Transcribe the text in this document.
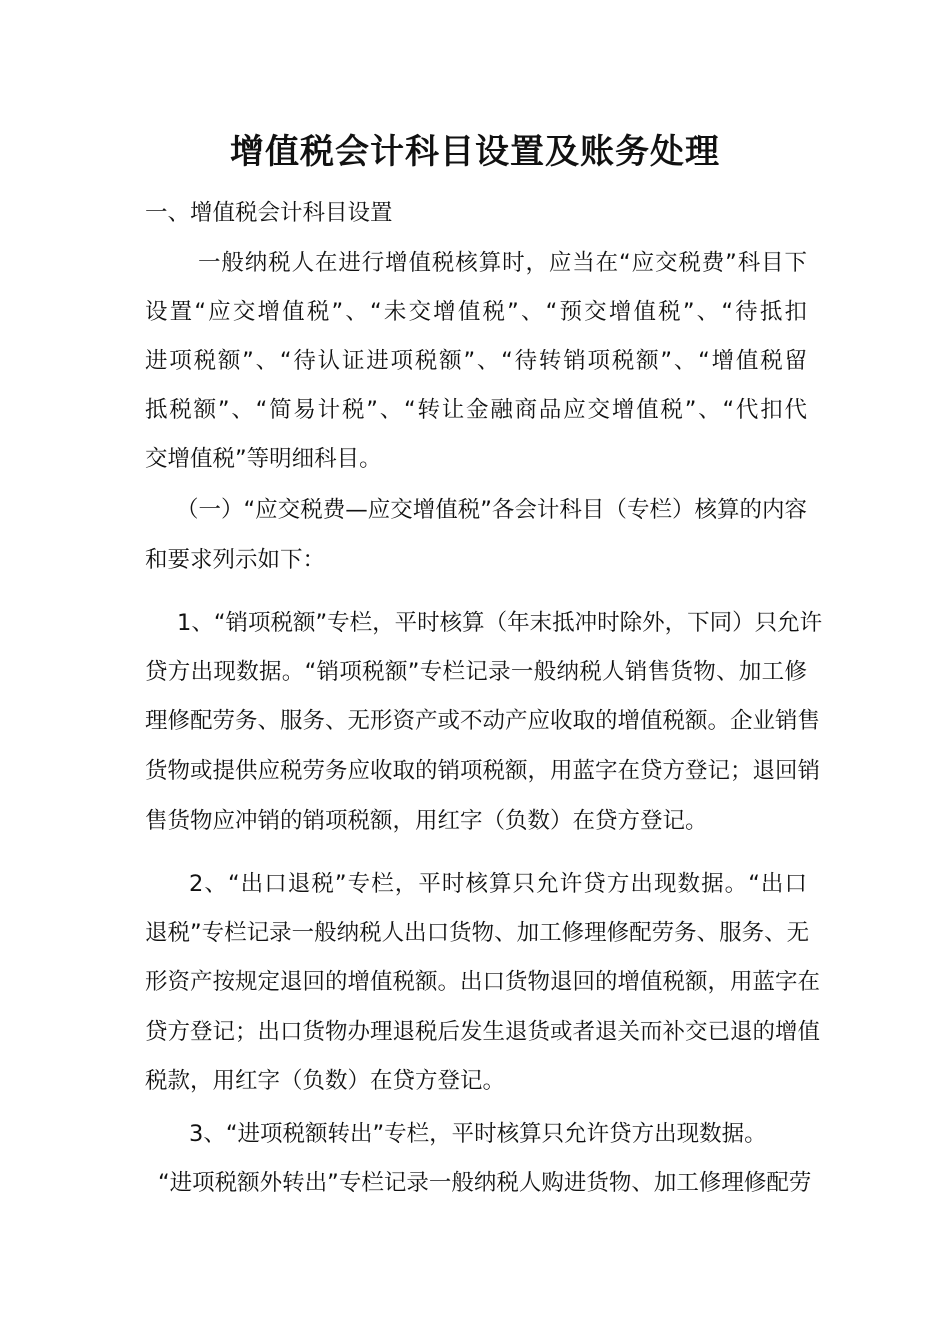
增值税会计科目设置及账务处理
一、增值税会计科目设置
一般纳税人在进行增值税核算时，应当在“应交税费”科目下
设置“应交增值税”、“未交增值税”、“预交增值税”、“待抵扣
进项税额”、“待认证进项税额”、“待转销项税额”、“增值税留
抵税额”、“简易计税”、“转让金融商品应交增值税”、“代扣代
交增值税”等明细科目。
（一）“应交税费—应交增值税”各会计科目（专栏）核算的内容
和要求列示如下：
1、“销项税额”专栏，平时核算（年末抵冲时除外，下同）只允许
贷方出现数据。“销项税额”专栏记录一般纳税人销售货物、加工修
理修配劳务、服务、无形资产或不动产应收取的增值税额。企业销售
货物或提供应税劳务应收取的销项税额，用蓝字在贷方登记；退回销
售货物应冲销的销项税额，用红字（负数）在贷方登记。
2、“出口退税”专栏，平时核算只允许贷方出现数据。“出口
退税”专栏记录一般纳税人出口货物、加工修理修配劳务、服务、无
形资产按规定退回的增值税额。出口货物退回的增值税额，用蓝字在
贷方登记；出口货物办理退税后发生退货或者退关而补交已退的增值
税款，用红字（负数）在贷方登记。
3、“进项税额转出”专栏，平时核算只允许贷方出现数据。
“进项税额外转出”专栏记录一般纳税人购进货物、加工修理修配劳
